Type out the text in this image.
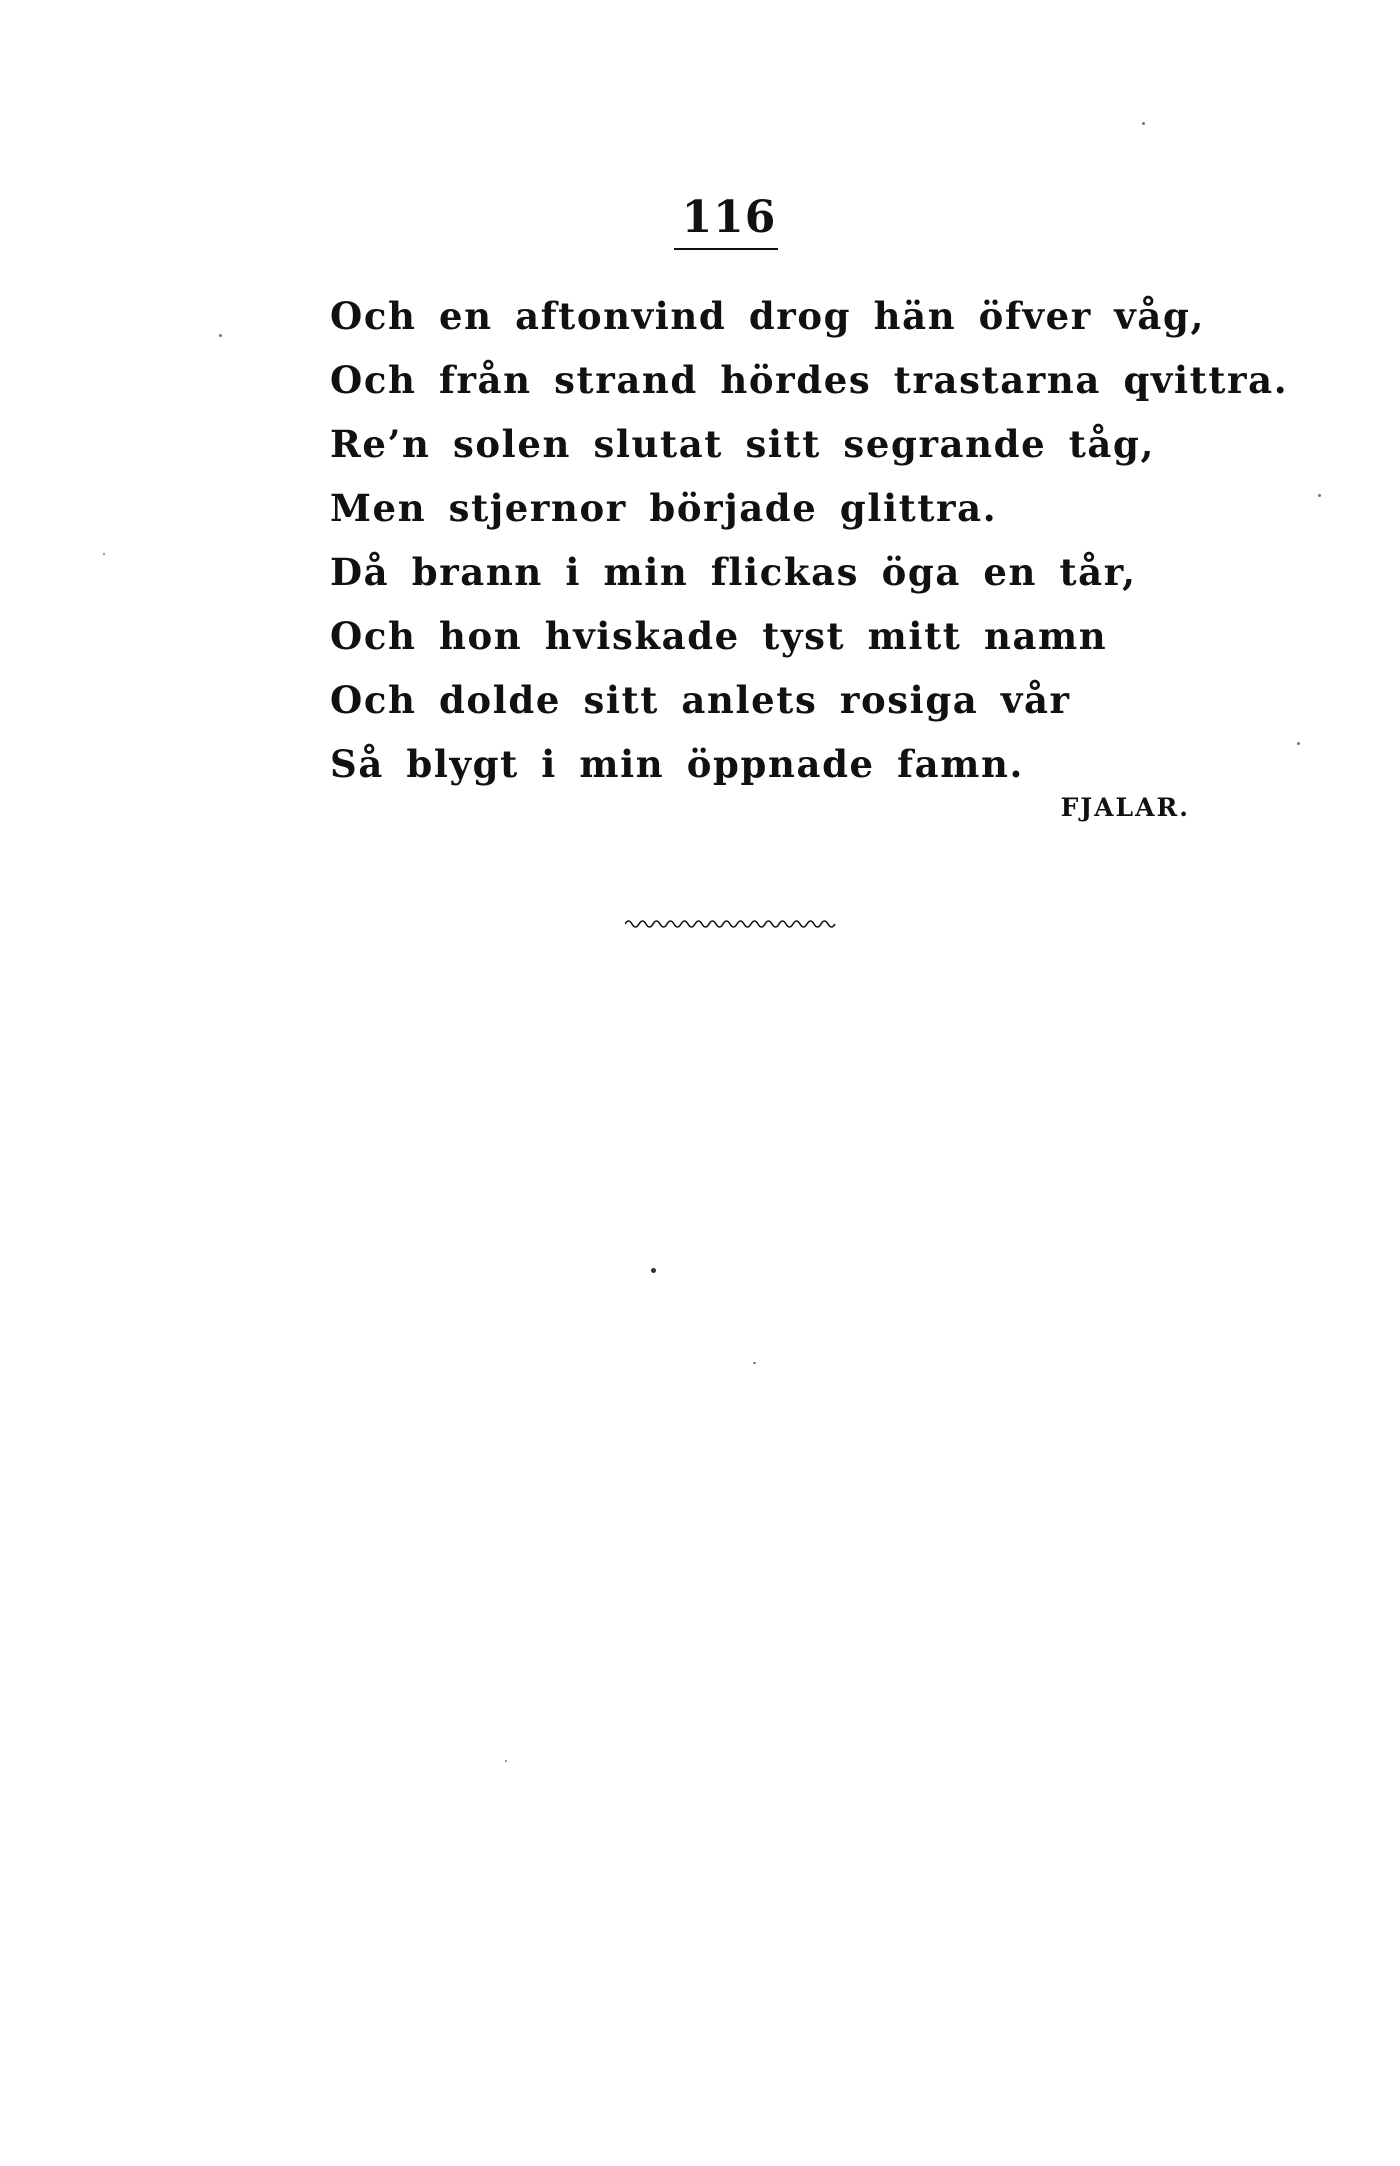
116
Och en aftonvind drog hän öfver våg,
Och från strand hördes trastarna qvittra.
Re’n solen slutat sitt segrande tåg,
Men stjernor började glittra.
Då brann i min flickas öga en tår,
Och hon hviskade tyst mitt namn
Och dolde sitt anlets rosiga vår
Så blygt i min öppnade famn.
FJALAR.
